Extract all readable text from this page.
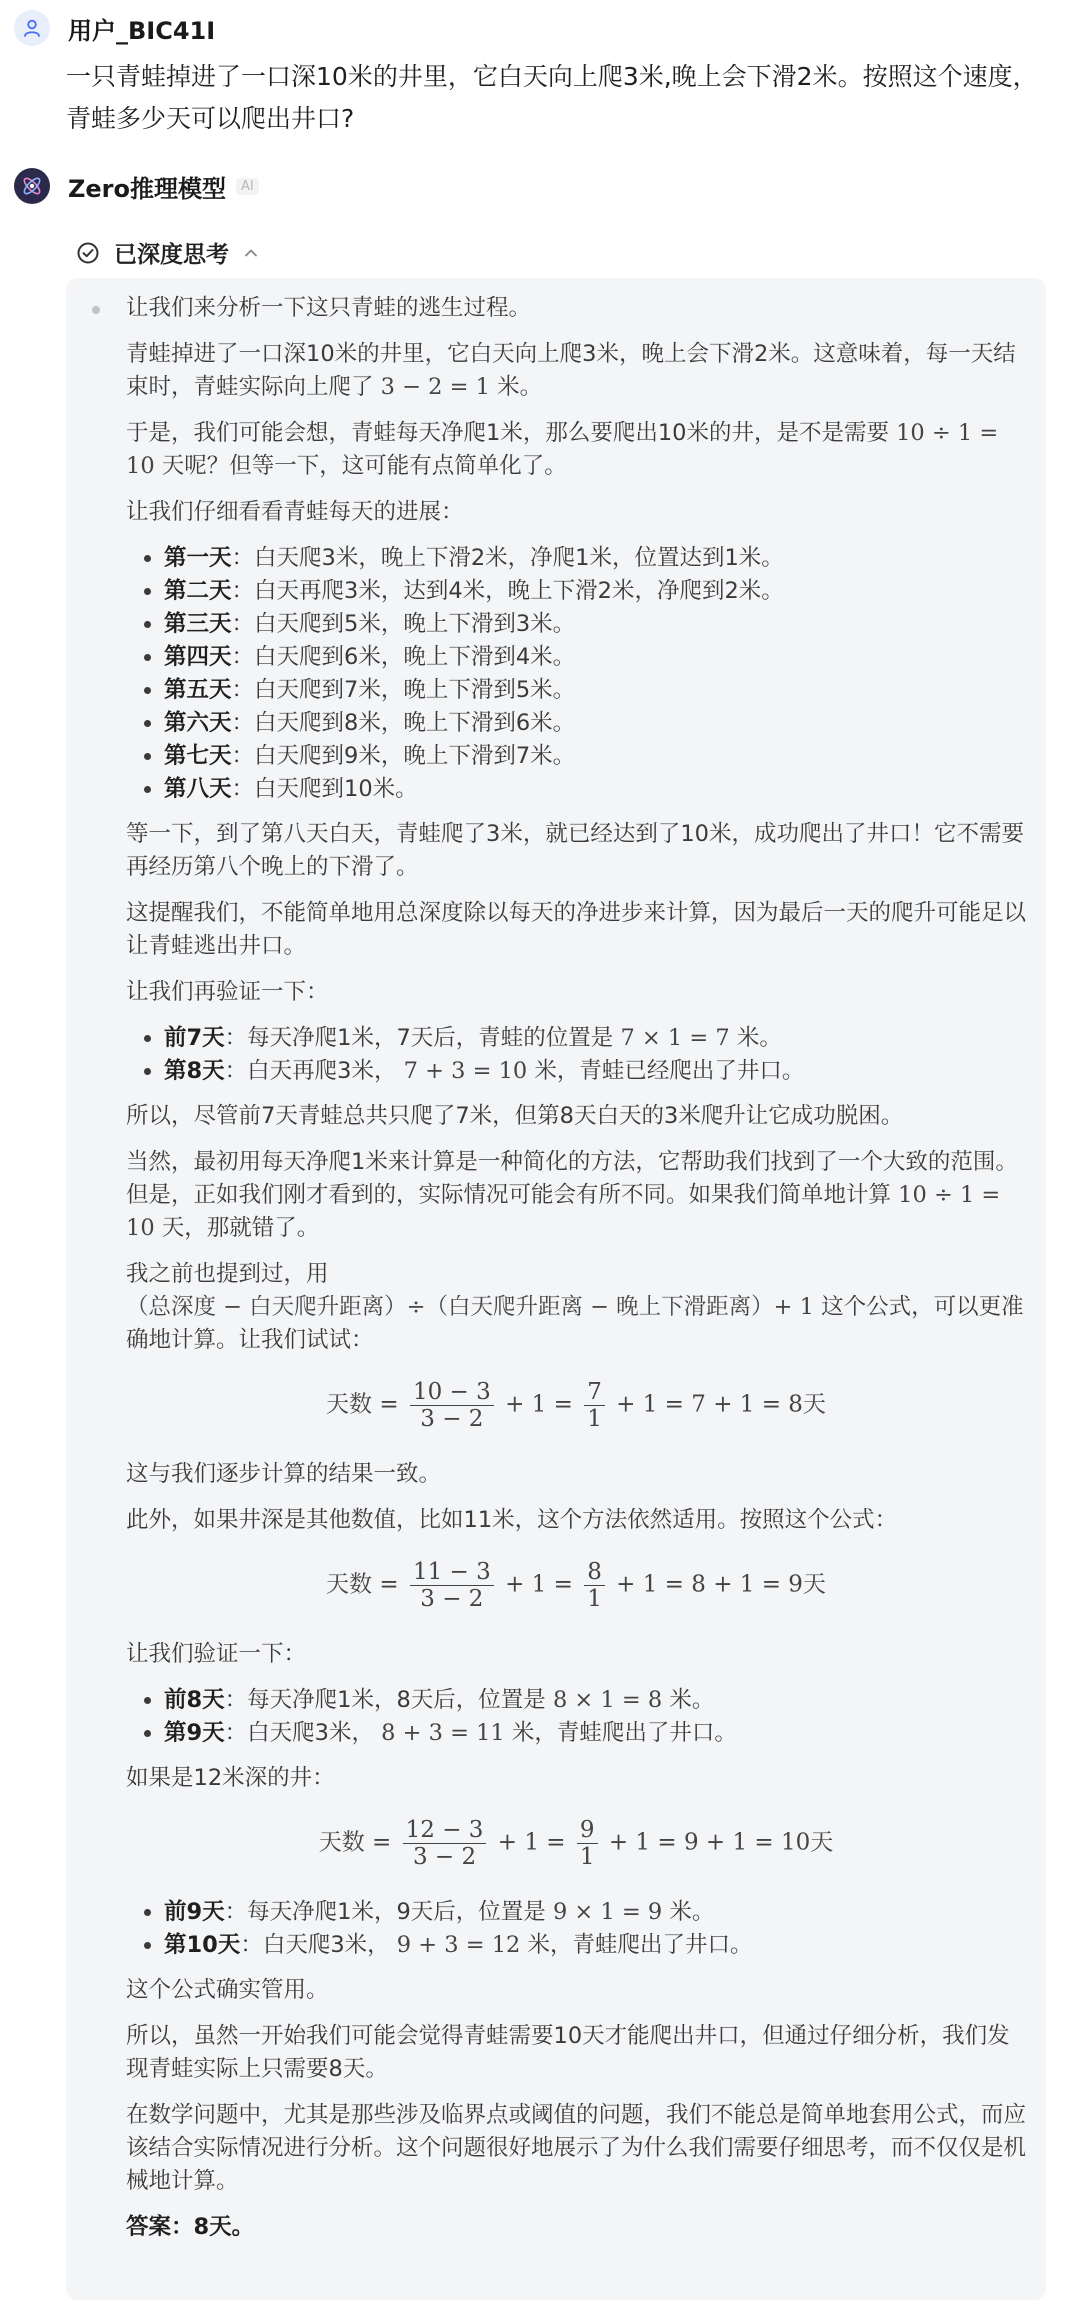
用户_BIC41I
一只青蛙掉进了一口深10米的井里，它白天向上爬3米,晚上会下滑2米。按照这个速度，青蛙多少天可以爬出井口?
Zero推理模型	AI
已深度思考

让我们来分析一下这只青蛙的逃生过程。

青蛙掉进了一口深10米的井里，它白天向上爬3米，晚上会下滑2米。这意味着，每一天结束时，青蛙实际向上爬了 3 − 2 = 1 米。

于是，我们可能会想，青蛙每天净爬1米，那么要爬出10米的井，是不是需要 10 ÷ 1 = 10 天呢？但等一下，这可能有点简单化了。

让我们仔细看看青蛙每天的进展：

• 第一天：白天爬3米，晚上下滑2米，净爬1米，位置达到1米。
• 第二天：白天再爬3米，达到4米，晚上下滑2米，净爬到2米。
• 第三天：白天爬到5米，晚上下滑到3米。
• 第四天：白天爬到6米，晚上下滑到4米。
• 第五天：白天爬到7米，晚上下滑到5米。
• 第六天：白天爬到8米，晚上下滑到6米。
• 第七天：白天爬到9米，晚上下滑到7米。
• 第八天：白天爬到10米。

等一下，到了第八天白天，青蛙爬了3米，就已经达到了10米，成功爬出了井口！它不需要再经历第八个晚上的下滑了。

这提醒我们，不能简单地用总深度除以每天的净进步来计算，因为最后一天的爬升可能足以让青蛙逃出井口。

让我们再验证一下：

• 前7天：每天净爬1米，7天后，青蛙的位置是 7 × 1 = 7 米。
• 第8天：白天再爬3米， 7 + 3 = 10 米，青蛙已经爬出了井口。

所以，尽管前7天青蛙总共只爬了7米，但第8天白天的3米爬升让它成功脱困。

当然，最初用每天净爬1米来计算是一种简化的方法，它帮助我们找到了一个大致的范围。但是，正如我们刚才看到的，实际情况可能会有所不同。如果我们简单地计算 10 ÷ 1 = 10 天，那就错了。

我之前也提到过，用
（总深度 − 白天爬升距离）÷（白天爬升距离 − 晚上下滑距离）+ 1 这个公式，可以更准确地计算。让我们试试：

天数 = $\frac{10 - 3}{3 - 2} + 1 = \frac{7}{1} + 1 = 7 + 1 = 8$天

这与我们逐步计算的结果一致。

此外，如果井深是其他数值，比如11米，这个方法依然适用。按照这个公式：

天数 = $\frac{11 - 3}{3 - 2} + 1 = \frac{8}{1} + 1 = 8 + 1 = 9$天

让我们验证一下：

• 前8天：每天净爬1米，8天后，位置是 8 × 1 = 8 米。
• 第9天：白天爬3米， 8 + 3 = 11 米，青蛙爬出了井口。

如果是12米深的井：

天数 = $\frac{12 - 3}{3 - 2} + 1 = \frac{9}{1} + 1 = 9 + 1 = 10$天
• 前9天：每天净爬1米，9天后，位置是 9 × 1 = 9 米。
• 第10天：白天爬3米， 9 + 3 = 12 米，青蛙爬出了井口。

这个公式确实管用。

所以，虽然一开始我们可能会觉得青蛙需要10天才能爬出井口，但通过仔细分析，我们发现青蛙实际上只需要8天。

在数学问题中，尤其是那些涉及临界点或阈值的问题，我们不能总是简单地套用公式，而应该结合实际情况进行分析。这个问题很好地展示了为什么我们需要仔细思考，而不仅仅是机械地计算。

答案：8天。
